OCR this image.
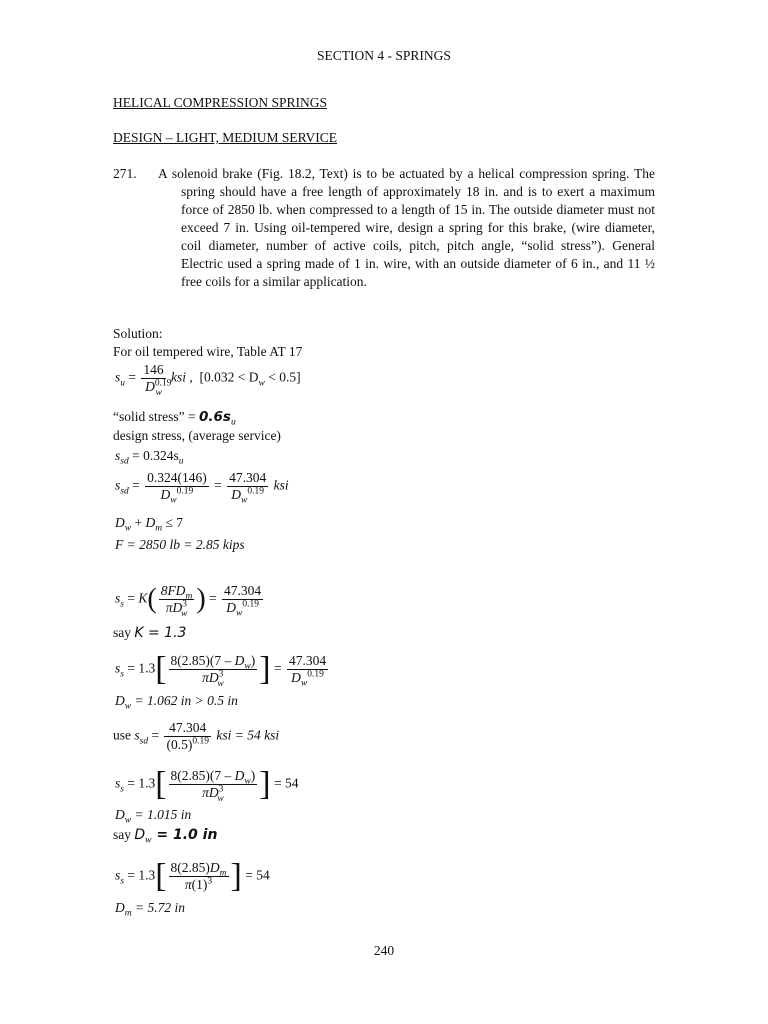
SECTION 4 - SPRINGS
HELICAL COMPRESSION SPRINGS
DESIGN – LIGHT, MEDIUM SERVICE
271. A solenoid brake (Fig. 18.2, Text) is to be actuated by a helical compression spring. The spring should have a free length of approximately 18 in. and is to exert a maximum force of 2850 lb. when compressed to a length of 15 in. The outside diameter must not exceed 7 in. Using oil-tempered wire, design a spring for this brake, (wire diameter, coil diameter, number of active coils, pitch, pitch angle, “solid stress”). General Electric used a spring made of 1 in. wire, with an outside diameter of 6 in., and 11 ½ free coils for a similar application.
Solution:
For oil tempered wire, Table AT 17
$s_u = \frac{146}{D^{0.19}_w}$ ksi ,  $[0.032 < D_w < 0.5]$
“solid stress” = $0.6s_u$
design stress, (average service)
$s_{sd} = 0.324s_u$
$s_{sd} = \frac{0.324(146)}{D_w^{0.19}} = \frac{47.304}{D_w^{0.19}}$ ksi
$D_w + D_m \le 7$
F = 2850 lb = 2.85 kips
$s_s = K( \frac{8FD_m}{\pi D^3_w}$ ) = $\frac{47.304}{D_w^{0.19}}$
say K = 1.3
$s_s = 1.3[ \frac{8(2.85)(7 - D_w)}{\pi D^3_w}$ ] = $\frac{47.304}{D_w^{0.19}}$
$D_w = 1.062$ in > 0.5 in
use $s_{sd} = \frac{47.304}{(0.5)^{0.19}}$ ksi = 54 ksi
$s_s = 1.3[ \frac{8(2.85)(7 - D_w)}{\pi D^3_w}$ ] = 54
$D_w = 1.015$ in
say $D_w = 1.0$ in
$s_s = 1.3[ \frac{8(2.85)D_m}{\pi(1)^3}$ ] = 54
$D_m = 5.72$ in
240
